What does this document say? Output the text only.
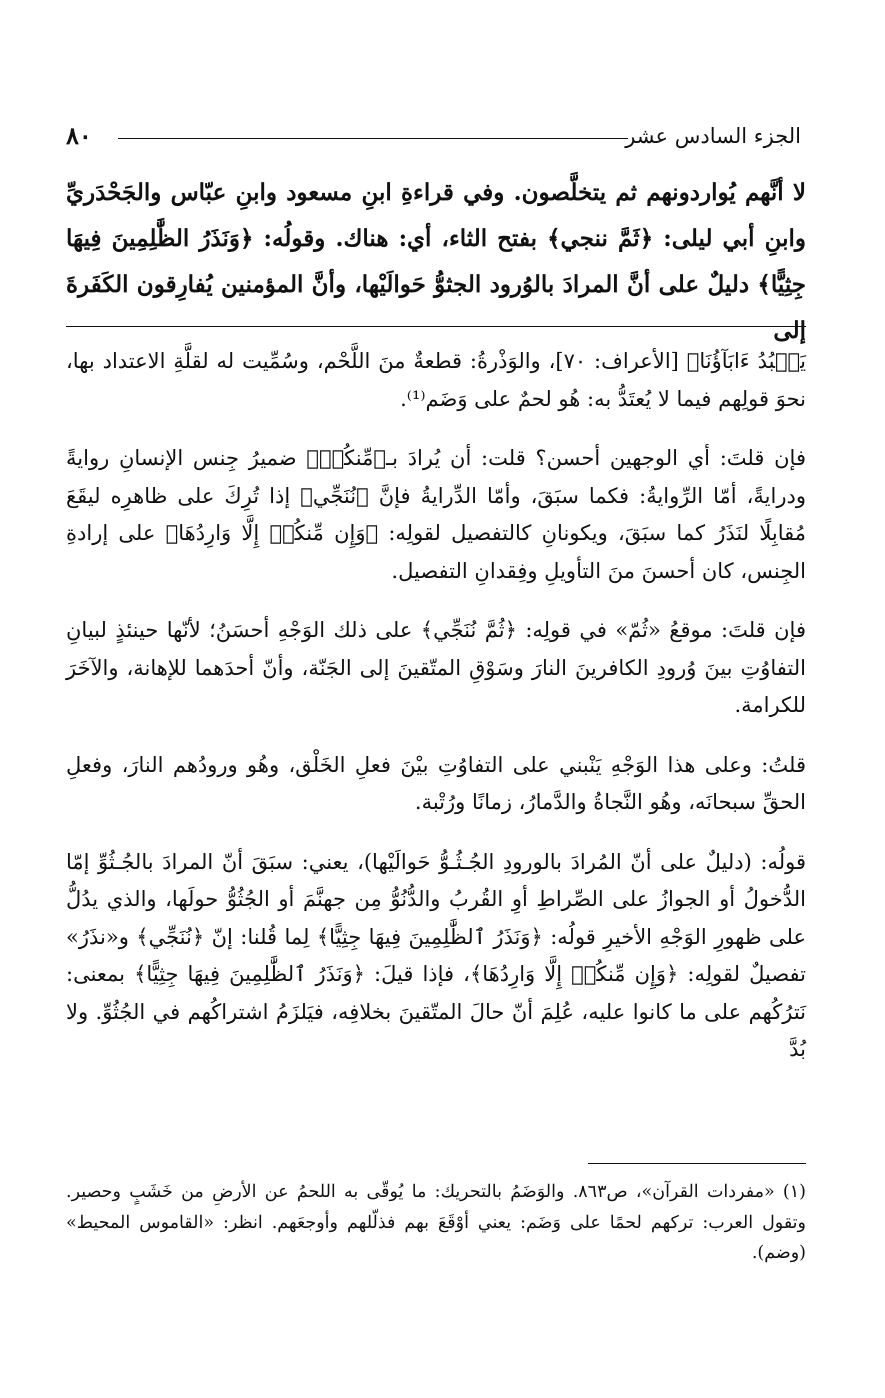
٨٠	الجزء السادس عشر
لا أنَّهم يُواردونهم ثم يتخلَّصون. وفي قراءةِ ابنِ مسعود وابنِ عبّاس والجَحْدَريِّ وابنِ أبي ليلى: ﴿ثَمَّ ننجي﴾ بفتح الثاء، أي: هناك. وقولُه: ﴿وَنَذَرُ الظَّٰلِمِينَ فِيهَا جِثِيًّا﴾ دليلٌ على أنَّ المرادَ بالوُرود الجثوُّ حَوالَيْها، وأنَّ المؤمنين يُفارِقون الكَفَرةَ إلى

يَعۡبُدُ ءَابَآؤُنَا﴾ [الأعراف: ٧٠]، والوَذْرةُ: قطعةٌ منَ اللَّحْم، وسُمِّيت له لقلَّةِ الاعتداد بها، نحوَ قولِهم فيما لا يُعتَدُّ به: هُو لحمٌ على وَضَم⁽¹⁾.

فإن قلتَ: أي الوجهين أحسن؟ قلت: أن يُرادَ بـ﴿مِّنكُمۡ﴾ ضميرُ جِنس الإنسانِ روايةً ودرايةً، أمّا الرِّوايةُ: فكما سبَقَ، وأمّا الدِّرايةُ فإنَّ ﴿نُنَجِّي﴾ إذا تُرِكَ على ظاهرِه ليقَعَ مُقابِلًا لنَذَرُ كما سبَقَ، ويكونانِ كالتفصيل لقولِه: ﴿وَإِن مِّنكُمۡ إِلَّا وَارِدُهَا﴾ على إرادةِ الجِنس، كان أحسنَ منَ التأويلِ وفِقدانِ التفصيل.

فإن قلتَ: موقعُ «ثُمّ» في قولِه: ﴿ثُمَّ نُنَجِّي﴾ على ذلك الوَجْهِ أحسَنُ؛ لأنّها حينئذٍ لبيانِ التفاوُتِ بينَ وُرودِ الكافرينَ النارَ وسَوْقِ المتّقينَ إلى الجَنّة، وأنّ أحدَهما للإهانة، والآخَرَ للكرامة.

قلتُ: وعلى هذا الوَجْهِ يَنْبني على التفاوُتِ بيْنَ فعلِ الخَلْق، وهُو ورودُهم النارَ، وفعلِ الحقِّ سبحانَه، وهُو النَّجاةُ والدَّمارُ، زمانًا ورُتْبة.

قولُه: (دليلٌ على أنّ المُرادَ بالورودِ الجُـثُـوُّ حَوالَيْها)، يعني: سبَقَ أنّ المرادَ بالجُـثُوِّ إمّا الدُّخولُ أو الجوازُ على الصِّراطِ أوِ القُربُ والدُّنُوُّ مِن جهنَّمَ أو الجُثُوُّ حولَها، والذي يدُلُّ على ظهورِ الوَجْهِ الأخيرِ قولُه: ﴿وَنَذَرُ ٱلظَّٰلِمِينَ فِيهَا جِثِيًّا﴾ لِما قُلنا: إنّ ﴿نُنَجِّي﴾ و«نذَرُ» تفصيلٌ لقولِه: ﴿وَإِن مِّنكُمۡ إِلَّا وَارِدُهَا﴾، فإذا قيلَ: ﴿وَنَذَرُ ٱلظَّٰلِمِينَ فِيهَا جِثِيًّا﴾ بمعنى: نَترُكُهم على ما كانوا عليه، عُلِمَ أنّ حالَ المتّقينَ بخلافِه، فيَلزَمُ اشتراكُهم في الجُثُوِّ. ولا بُدَّ

(١) «مفردات القرآن»، ص٨٦٣. والوَضَمُ بالتحريك: ما يُوقّى به اللحمُ عن الأرضِ من خَشَبٍ وحصير. وتقول العرب: تركهم لحمًا على وَضَم: يعني أوْقَعَ بهم فذلّلهم وأوجعَهم. انظر: «القاموس المحيط» (وضم).
